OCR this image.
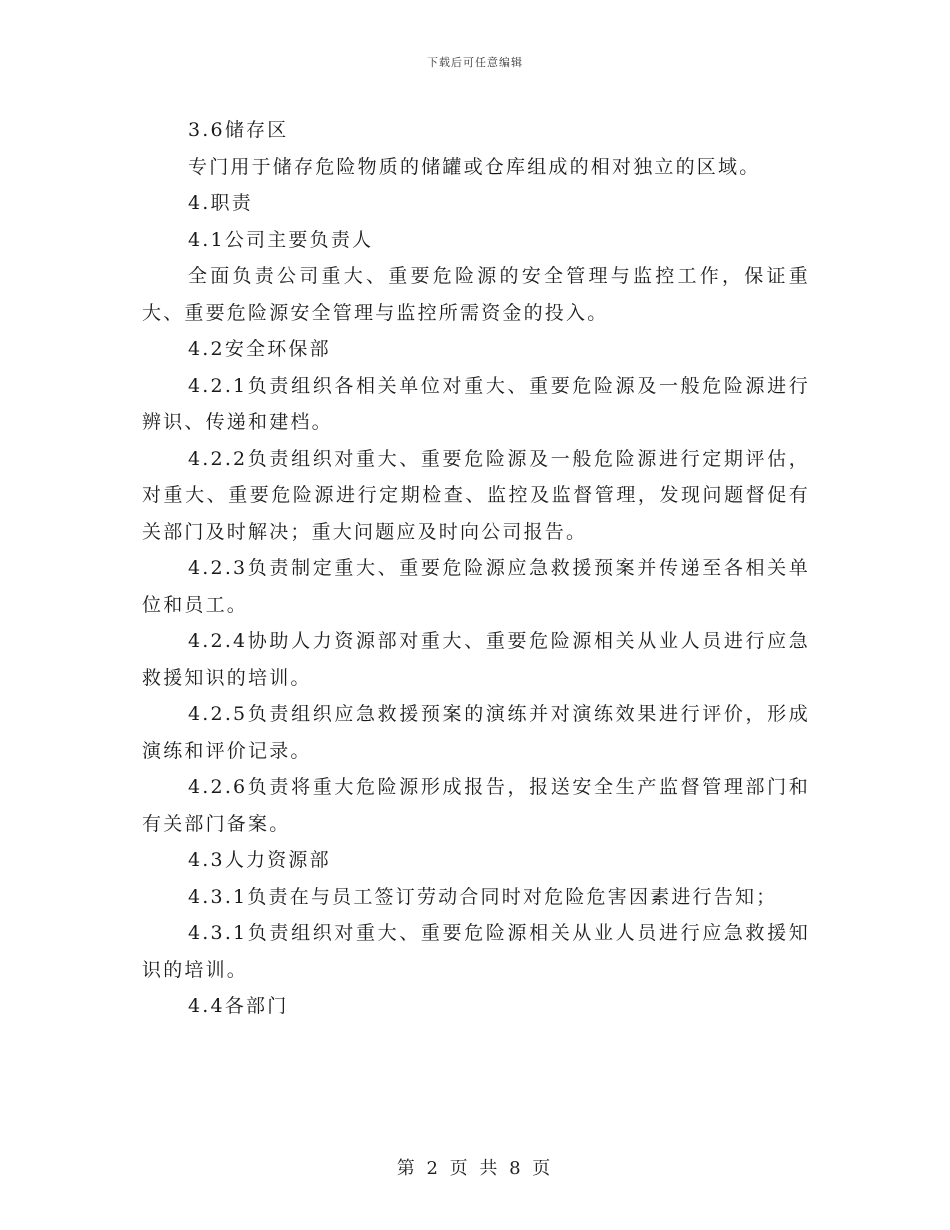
下载后可任意编辑

3.6储存区

专门用于储存危险物质的储罐或仓库组成的相对独立的区域。

4.职责

4.1公司主要负责人

全面负责公司重大、重要危险源的安全管理与监控工作，保证重大、重要危险源安全管理与监控所需资金的投入。

4.2安全环保部

4.2.1负责组织各相关单位对重大、重要危险源及一般危险源进行辨识、传递和建档。

4.2.2负责组织对重大、重要危险源及一般危险源进行定期评估，对重大、重要危险源进行定期检查、监控及监督管理，发现问题督促有关部门及时解决；重大问题应及时向公司报告。

4.2.3负责制定重大、重要危险源应急救援预案并传递至各相关单位和员工。

4.2.4协助人力资源部对重大、重要危险源相关从业人员进行应急救援知识的培训。

4.2.5负责组织应急救援预案的演练并对演练效果进行评价，形成演练和评价记录。

4.2.6负责将重大危险源形成报告，报送安全生产监督管理部门和有关部门备案。

4.3人力资源部

4.3.1负责在与员工签订劳动合同时对危险危害因素进行告知；

4.3.1负责组织对重大、重要危险源相关从业人员进行应急救援知识的培训。

4.4各部门

第 2 页 共 8 页
